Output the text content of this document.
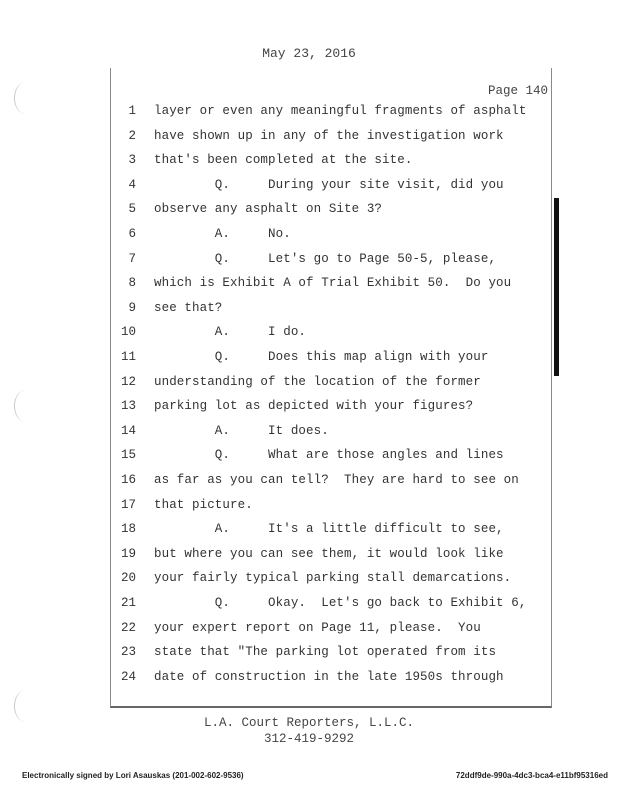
May 23, 2016
Page 140
1 layer or even any meaningful fragments of asphalt
2 have shown up in any of the investigation work
3 that's been completed at the site.
4 Q.     During your site visit, did you
5 observe any asphalt on Site 3?
6 A.     No.
7 Q.     Let's go to Page 50-5, please,
8 which is Exhibit A of Trial Exhibit 50.  Do you
9 see that?
10 A.     I do.
11 Q.     Does this map align with your
12 understanding of the location of the former
13 parking lot as depicted with your figures?
14 A.     It does.
15 Q.     What are those angles and lines
16 as far as you can tell?  They are hard to see on
17 that picture.
18 A.     It's a little difficult to see,
19 but where you can see them, it would look like
20 your fairly typical parking stall demarcations.
21 Q.     Okay.  Let's go back to Exhibit 6,
22 your expert report on Page 11, please.  You
23 state that "The parking lot operated from its
24 date of construction in the late 1950s through
L.A. Court Reporters, L.L.C.
312-419-9292
Electronically signed by Lori Asauskas (201-002-602-9536)	72ddf9de-990a-4dc3-bca4-e11bf95316ed
